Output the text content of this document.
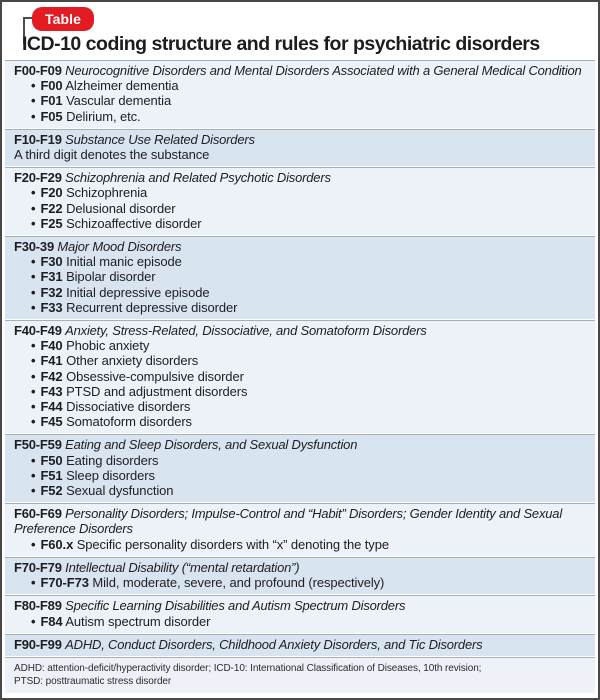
Table
ICD-10 coding structure and rules for psychiatric disorders
F00-F09 Neurocognitive Disorders and Mental Disorders Associated with a General Medical Condition
• F00 Alzheimer dementia
• F01 Vascular dementia
• F05 Delirium, etc.
F10-F19 Substance Use Related Disorders
A third digit denotes the substance
F20-F29 Schizophrenia and Related Psychotic Disorders
• F20 Schizophrenia
• F22 Delusional disorder
• F25 Schizoaffective disorder
F30-39 Major Mood Disorders
• F30 Initial manic episode
• F31 Bipolar disorder
• F32 Initial depressive episode
• F33 Recurrent depressive disorder
F40-F49 Anxiety, Stress-Related, Dissociative, and Somatoform Disorders
• F40 Phobic anxiety
• F41 Other anxiety disorders
• F42 Obsessive-compulsive disorder
• F43 PTSD and adjustment disorders
• F44 Dissociative disorders
• F45 Somatoform disorders
F50-F59 Eating and Sleep Disorders, and Sexual Dysfunction
• F50 Eating disorders
• F51 Sleep disorders
• F52 Sexual dysfunction
F60-F69 Personality Disorders; Impulse-Control and “Habit” Disorders; Gender Identity and Sexual Preference Disorders
• F60.x Specific personality disorders with “x” denoting the type
F70-F79 Intellectual Disability (“mental retardation”)
• F70-F73 Mild, moderate, severe, and profound (respectively)
F80-F89 Specific Learning Disabilities and Autism Spectrum Disorders
• F84 Autism spectrum disorder
F90-F99 ADHD, Conduct Disorders, Childhood Anxiety Disorders, and Tic Disorders
ADHD: attention-deficit/hyperactivity disorder; ICD-10: International Classification of Diseases, 10th revision;
PTSD: posttraumatic stress disorder
